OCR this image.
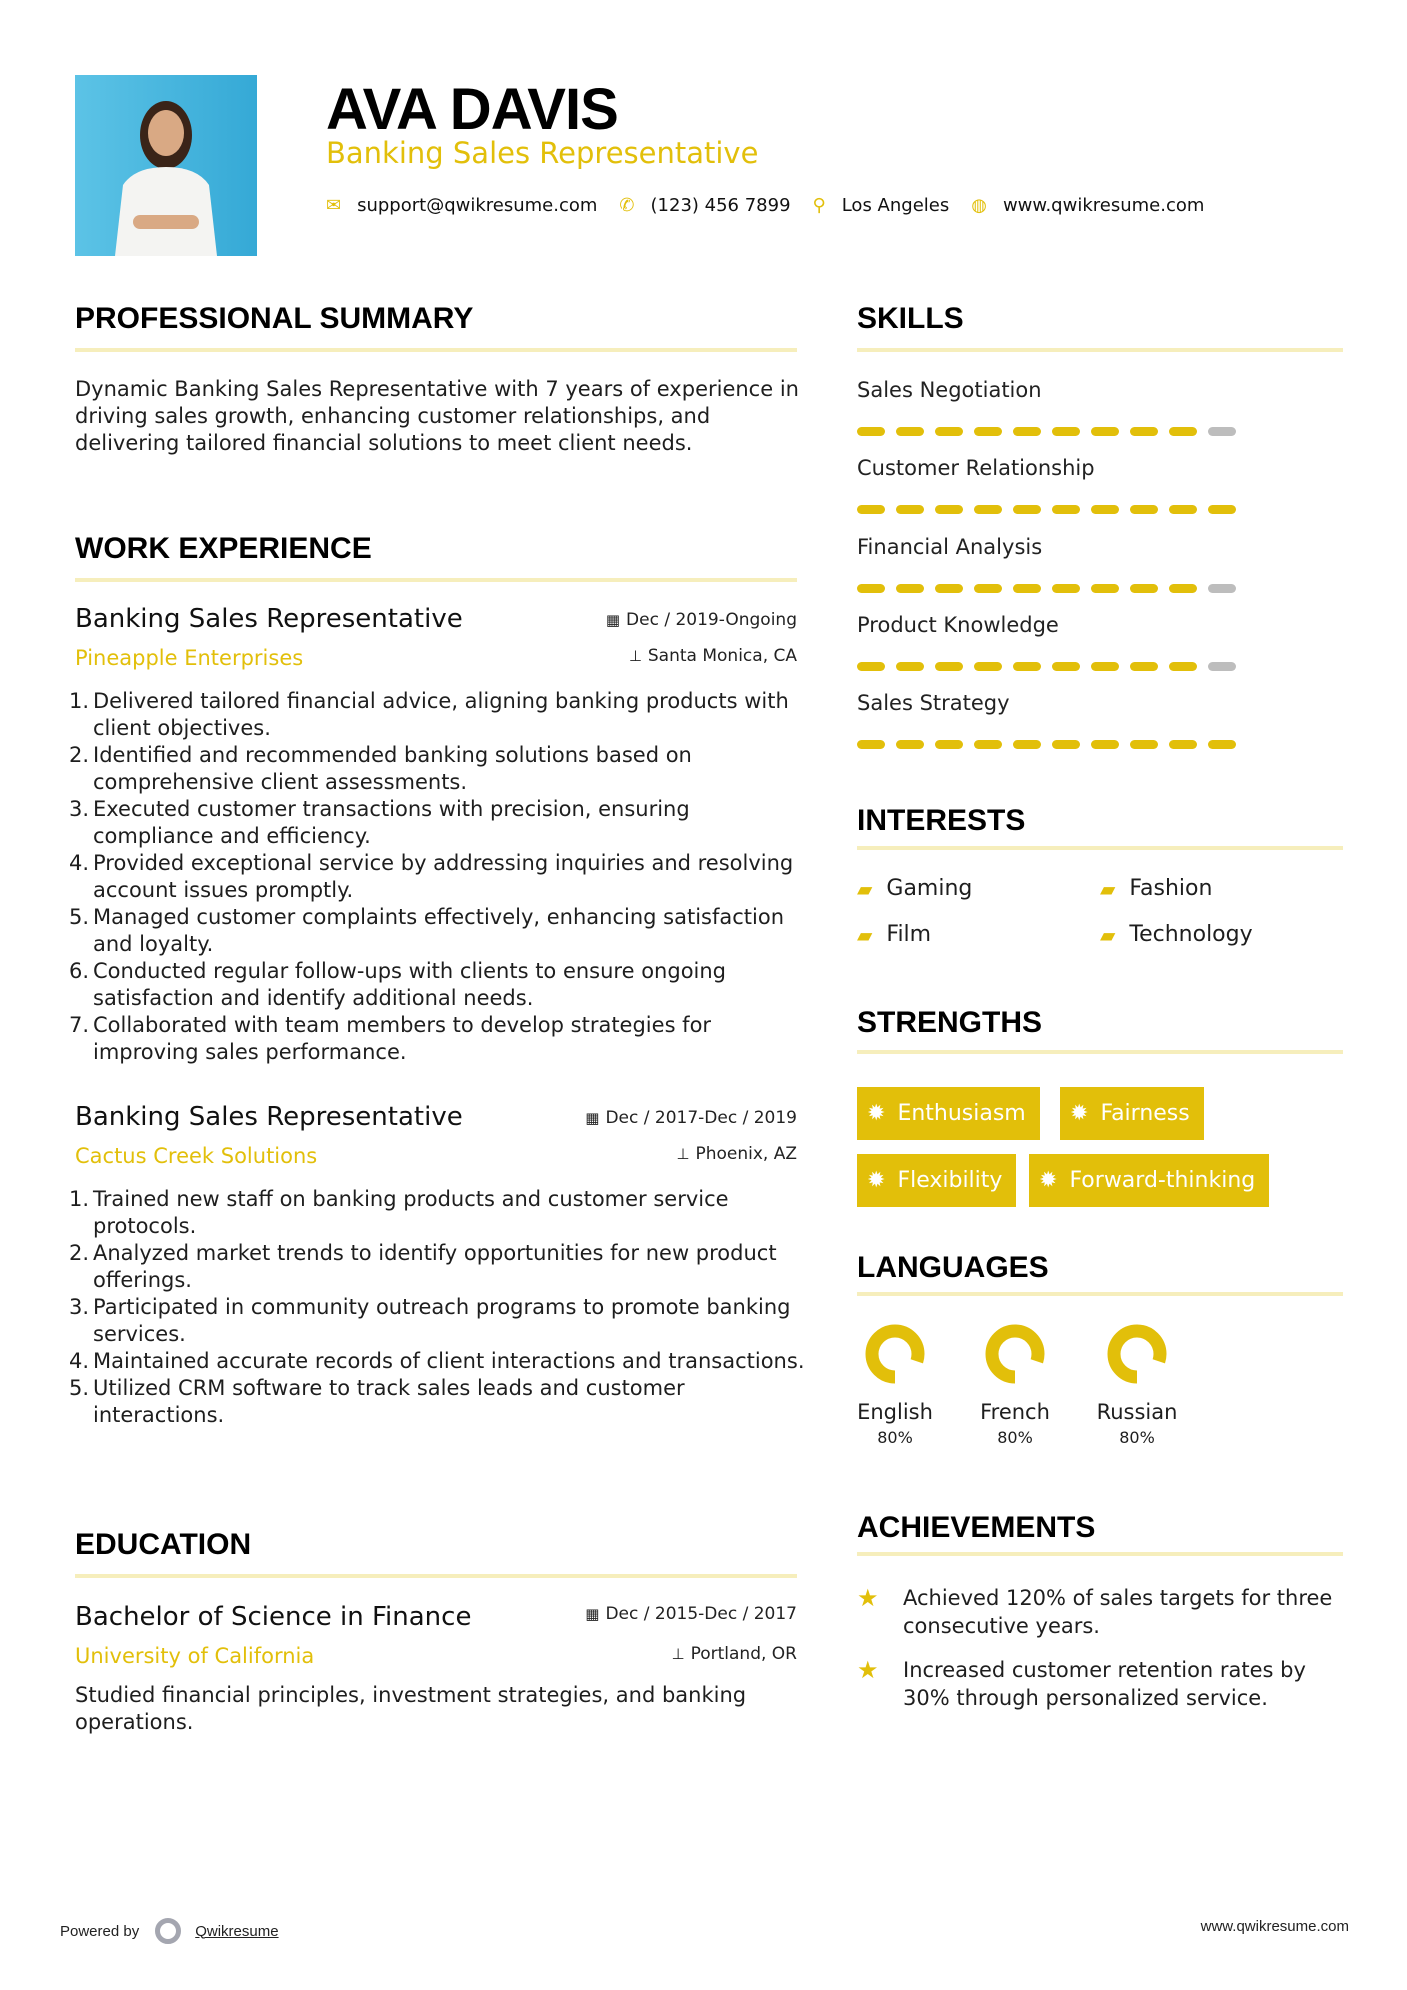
AVA DAVIS
Banking Sales Representative
✉ support@qwikresume.com ✆ (123) 456 7899 ⚲ Los Angeles ◍ www.qwikresume.com
PROFESSIONAL SUMMARY
Dynamic Banking Sales Representative with 7 years of experience in driving sales growth, enhancing customer relationships, and delivering tailored financial solutions to meet client needs.
WORK EXPERIENCE
Banking Sales Representative
Pineapple Enterprises
▦ Dec / 2019-Ongoing
⊥ Santa Monica, CA
Delivered tailored financial advice, aligning banking products with client objectives.
Identified and recommended banking solutions based on comprehensive client assessments.
Executed customer transactions with precision, ensuring compliance and efficiency.
Provided exceptional service by addressing inquiries and resolving account issues promptly.
Managed customer complaints effectively, enhancing satisfaction and loyalty.
Conducted regular follow-ups with clients to ensure ongoing satisfaction and identify additional needs.
Collaborated with team members to develop strategies for improving sales performance.
Banking Sales Representative
Cactus Creek Solutions
▦ Dec / 2017-Dec / 2019
⊥ Phoenix, AZ
Trained new staff on banking products and customer service protocols.
Analyzed market trends to identify opportunities for new product offerings.
Participated in community outreach programs to promote banking services.
Maintained accurate records of client interactions and transactions.
Utilized CRM software to track sales leads and customer interactions.
EDUCATION
Bachelor of Science in Finance
University of California
▦ Dec / 2015-Dec / 2017
⊥ Portland, OR
Studied financial principles, investment strategies, and banking operations.
SKILLS
Sales Negotiation
Customer Relationship
Financial Analysis
Product Knowledge
Sales Strategy
INTERESTS
▰ Gaming	▰ Fashion
▰ Film	▰ Technology
STRENGTHS
✹ Enthusiasm ✹ Fairness
✹ Flexibility ✹ Forward-thinking
LANGUAGES
English
80%
French
80%
Russian
80%
ACHIEVEMENTS
★	Achieved 120% of sales targets for three consecutive years.
★	Increased customer retention rates by 30% through personalized service.
Powered by	Qwikresume	www.qwikresume.com
